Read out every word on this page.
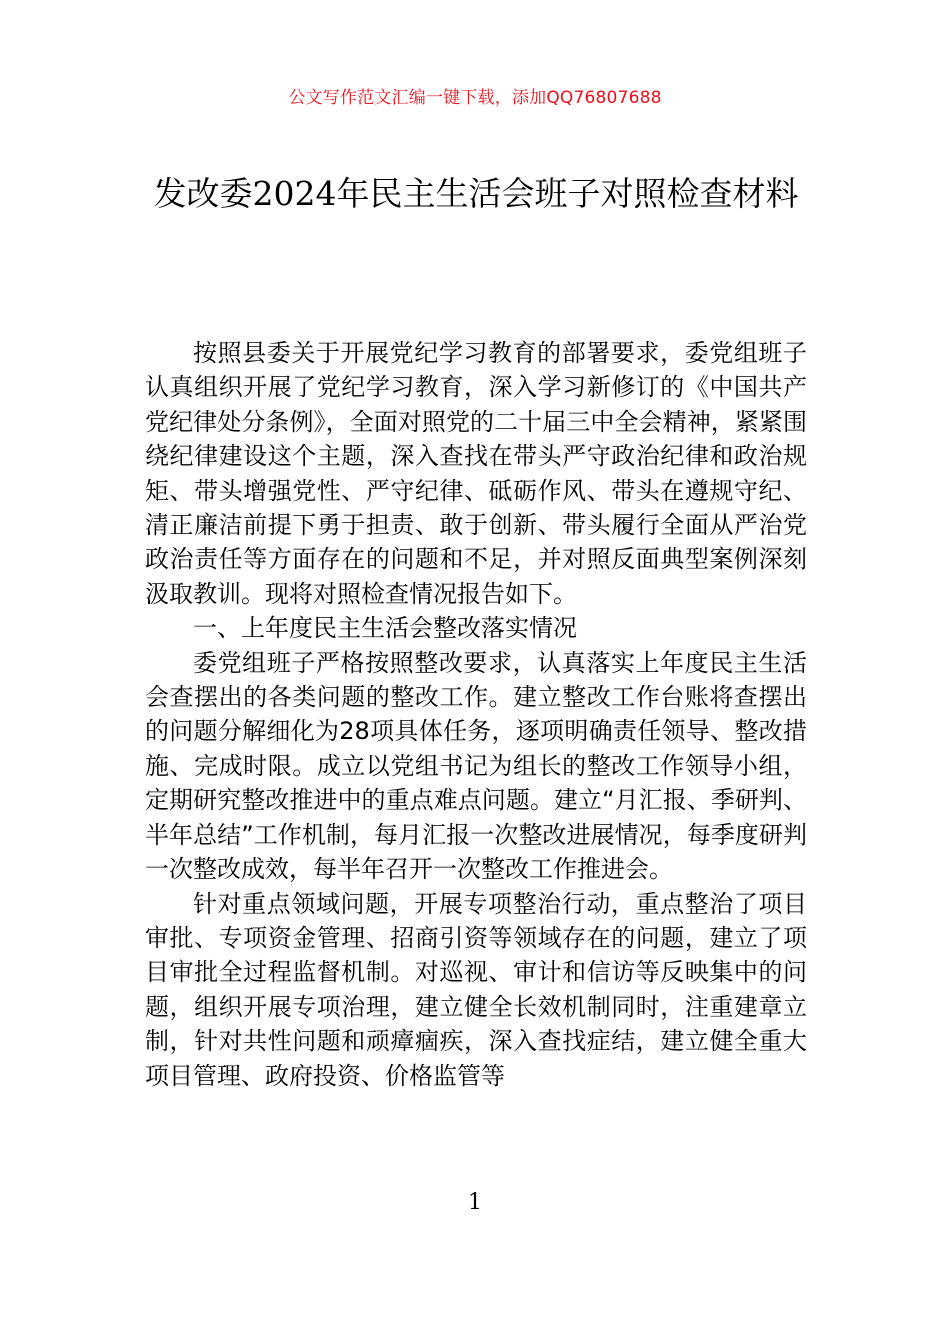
公文写作范文汇编一键下载，添加QQ76807688
发改委2024年民主生活会班子对照检查材料

按照县委关于开展党纪学习教育的部署要求，委党组班子认真组织开展了党纪学习教育，深入学习新修订的《中国共产党纪律处分条例》，全面对照党的二十届三中全会精神，紧紧围绕纪律建设这个主题，深入查找在带头严守政治纪律和政治规矩、带头增强党性、严守纪律、砥砺作风、带头在遵规守纪、清正廉洁前提下勇于担责、敢于创新、带头履行全面从严治党政治责任等方面存在的问题和不足，并对照反面典型案例深刻汲取教训。现将对照检查情况报告如下。

一、上年度民主生活会整改落实情况

委党组班子严格按照整改要求，认真落实上年度民主生活会查摆出的各类问题的整改工作。建立整改工作台账将查摆出的问题分解细化为28项具体任务，逐项明确责任领导、整改措施、完成时限。成立以党组书记为组长的整改工作领导小组，定期研究整改推进中的重点难点问题。建立“月汇报、季研判、半年总结”工作机制，每月汇报一次整改进展情况，每季度研判一次整改成效，每半年召开一次整改工作推进会。

针对重点领域问题，开展专项整治行动，重点整治了项目审批、专项资金管理、招商引资等领域存在的问题，建立了项目审批全过程监督机制。对巡视、审计和信访等反映集中的问题，组织开展专项治理，建立健全长效机制同时，注重建章立制，针对共性问题和顽瘴痼疾，深入查找症结，建立健全重大项目管理、政府投资、价格监管等

1
